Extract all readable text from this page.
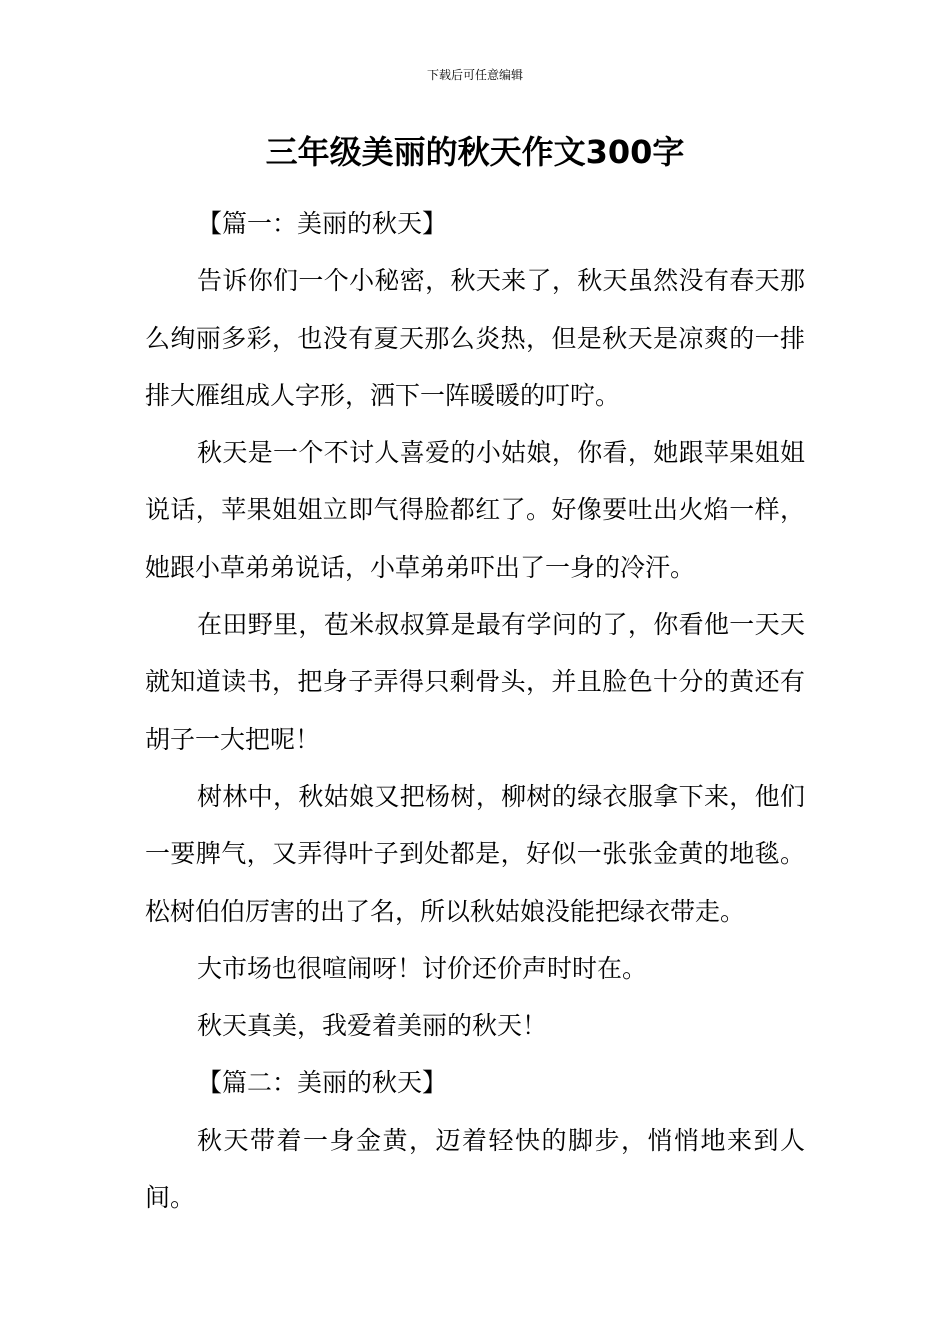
下载后可任意编辑
三年级美丽的秋天作文300字

【篇一：美丽的秋天】

告诉你们一个小秘密，秋天来了，秋天虽然没有春天那么绚丽多彩，也没有夏天那么炎热，但是秋天是凉爽的一排排大雁组成人字形，洒下一阵暖暖的叮咛。

秋天是一个不讨人喜爱的小姑娘，你看，她跟苹果姐姐说话，苹果姐姐立即气得脸都红了。好像要吐出火焰一样，她跟小草弟弟说话，小草弟弟吓出了一身的冷汗。

在田野里，苞米叔叔算是最有学问的了，你看他一天天就知道读书，把身子弄得只剩骨头，并且脸色十分的黄还有胡子一大把呢！

树林中，秋姑娘又把杨树，柳树的绿衣服拿下来，他们一要脾气，又弄得叶子到处都是，好似一张张金黄的地毯。松树伯伯厉害的出了名，所以秋姑娘没能把绿衣带走。

大市场也很喧闹呀！讨价还价声时时在。

秋天真美，我爱着美丽的秋天！

【篇二：美丽的秋天】

秋天带着一身金黄，迈着轻快的脚步，悄悄地来到人间。
